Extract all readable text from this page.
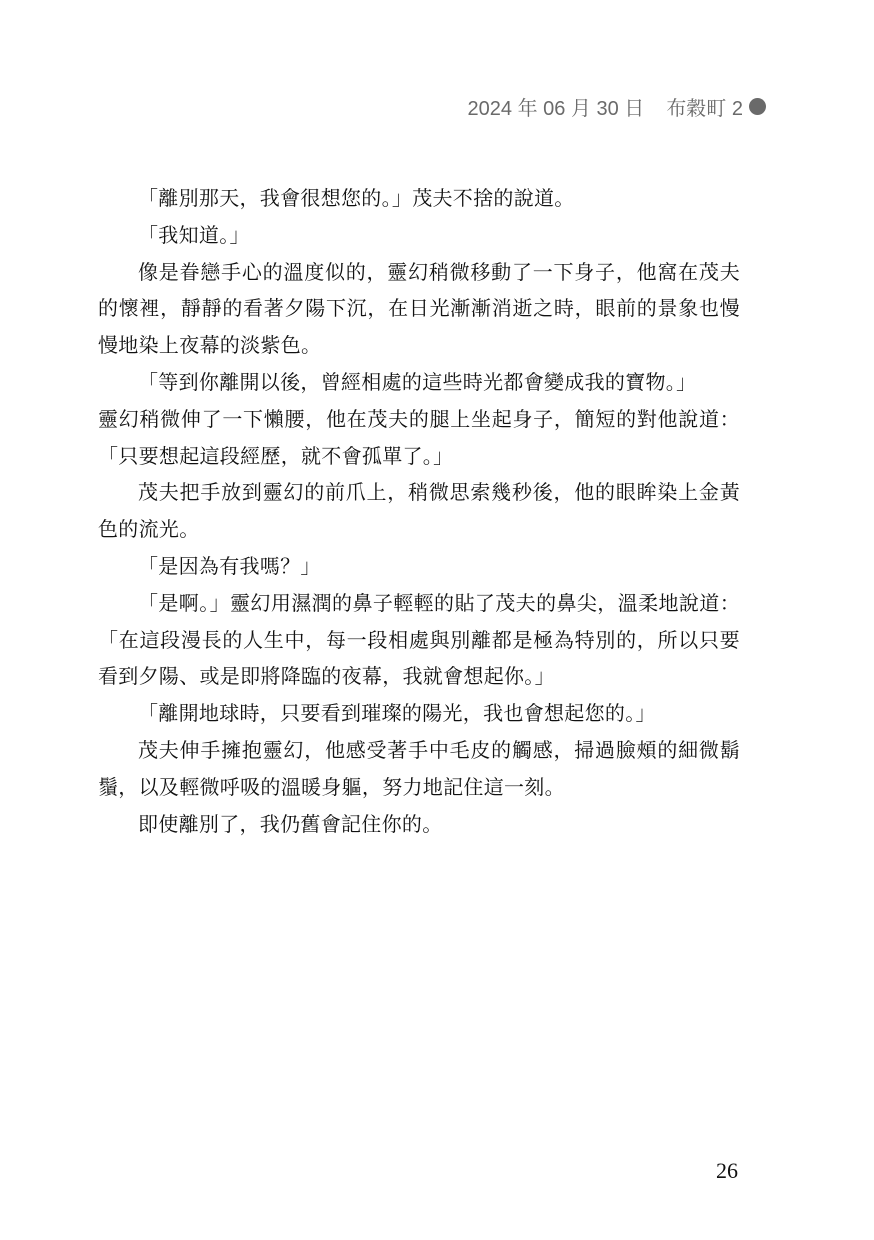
2024 年 06 月 30 日 布穀町 2

「離別那天，我會很想您的。」茂夫不捨的說道。

「我知道。」

像是眷戀手心的溫度似的，靈幻稍微移動了一下身子，他窩在茂夫的懷裡，靜靜的看著夕陽下沉，在日光漸漸消逝之時，眼前的景象也慢慢地染上夜幕的淡紫色。

「等到你離開以後，曾經相處的這些時光都會變成我的寶物。」

靈幻稍微伸了一下懶腰，他在茂夫的腿上坐起身子，簡短的對他說道：「只要想起這段經歷，就不會孤單了。」

茂夫把手放到靈幻的前爪上，稍微思索幾秒後，他的眼眸染上金黃色的流光。

「是因為有我嗎？」

「是啊。」靈幻用濕潤的鼻子輕輕的貼了茂夫的鼻尖，溫柔地說道：「在這段漫長的人生中，每一段相處與別離都是極為特別的，所以只要看到夕陽、或是即將降臨的夜幕，我就會想起你。」

「離開地球時，只要看到璀璨的陽光，我也會想起您的。」

茂夫伸手擁抱靈幻，他感受著手中毛皮的觸感，掃過臉頰的細微鬍鬚，以及輕微呼吸的溫暖身軀，努力地記住這一刻。

即使離別了，我仍舊會記住你的。

26
